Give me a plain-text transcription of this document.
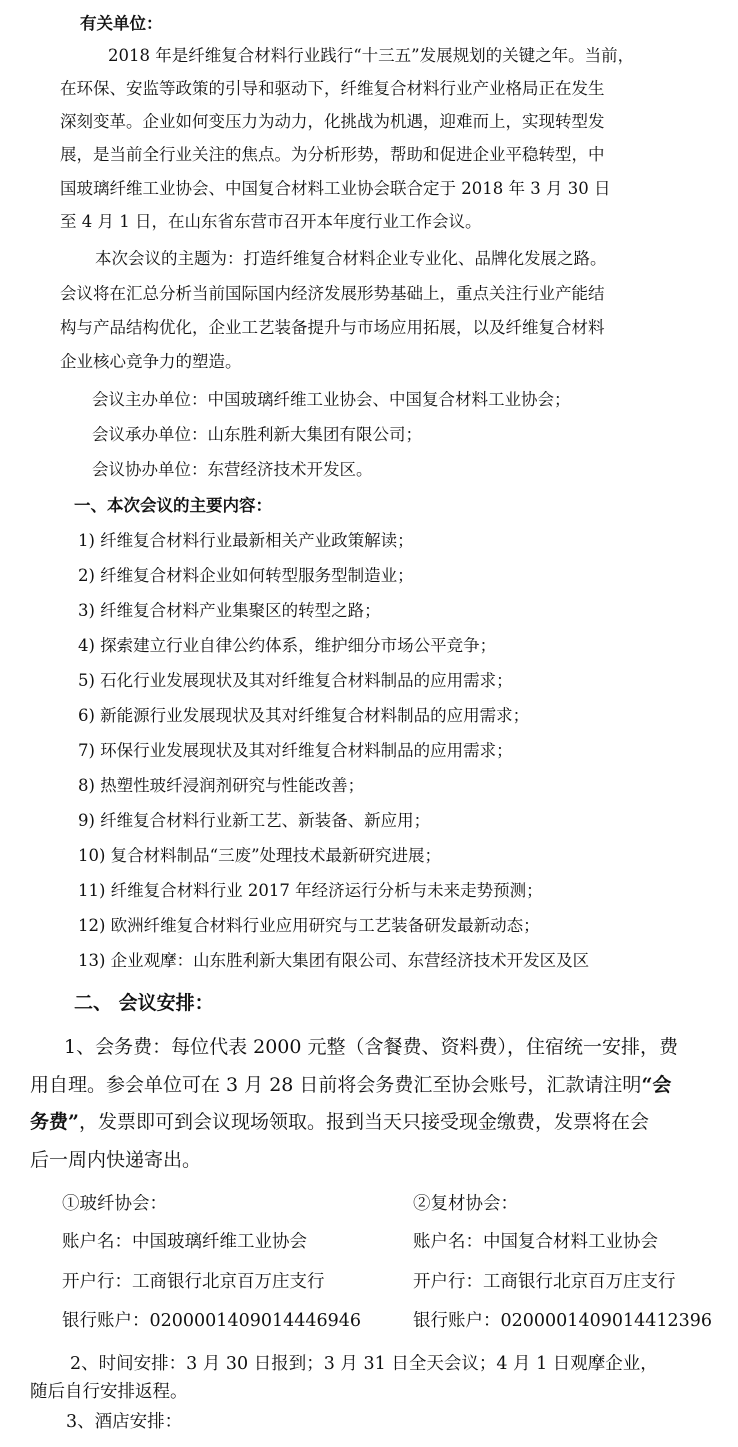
有关单位：
2018 年是纤维复合材料行业践行“十三五”发展规划的关键之年。当前，
在环保、安监等政策的引导和驱动下，纤维复合材料行业产业格局正在发生
深刻变革。企业如何变压力为动力，化挑战为机遇，迎难而上，实现转型发
展，是当前全行业关注的焦点。为分析形势，帮助和促进企业平稳转型，中
国玻璃纤维工业协会、中国复合材料工业协会联合定于 2018 年 3 月 30 日
至 4 月 1 日，在山东省东营市召开本年度行业工作会议。
本次会议的主题为：打造纤维复合材料企业专业化、品牌化发展之路。
会议将在汇总分析当前国际国内经济发展形势基础上，重点关注行业产能结
构与产品结构优化，企业工艺装备提升与市场应用拓展，以及纤维复合材料
企业核心竞争力的塑造。
会议主办单位：中国玻璃纤维工业协会、中国复合材料工业协会；
会议承办单位：山东胜利新大集团有限公司；
会议协办单位：东营经济技术开发区。
一、本次会议的主要内容：
1) 纤维复合材料行业最新相关产业政策解读；
2) 纤维复合材料企业如何转型服务型制造业；
3) 纤维复合材料产业集聚区的转型之路；
4) 探索建立行业自律公约体系，维护细分市场公平竞争；
5) 石化行业发展现状及其对纤维复合材料制品的应用需求；
6) 新能源行业发展现状及其对纤维复合材料制品的应用需求；
7) 环保行业发展现状及其对纤维复合材料制品的应用需求；
8) 热塑性玻纤浸润剂研究与性能改善；
9) 纤维复合材料行业新工艺、新装备、新应用；
10) 复合材料制品“三废”处理技术最新研究进展；
11) 纤维复合材料行业 2017 年经济运行分析与未来走势预测；
12) 欧洲纤维复合材料行业应用研究与工艺装备研发最新动态；
13) 企业观摩：山东胜利新大集团有限公司、东营经济技术开发区及区
二、 会议安排：
1、会务费：每位代表 2000 元整（含餐费、资料费），住宿统一安排，费
用自理。参会单位可在 3 月 28 日前将会务费汇至协会账号，汇款请注明“会
务费”，发票即可到会议现场领取。报到当天只接受现金缴费，发票将在会
后一周内快递寄出。
①玻纤协会：
账户名：中国玻璃纤维工业协会
开户行：工商银行北京百万庄支行
银行账户：0200001409014446946
②复材协会：
账户名：中国复合材料工业协会
开户行：工商银行北京百万庄支行
银行账户：0200001409014412396
2、时间安排：3 月 30 日报到；3 月 31 日全天会议；4 月 1 日观摩企业，
随后自行安排返程。
3、酒店安排：
